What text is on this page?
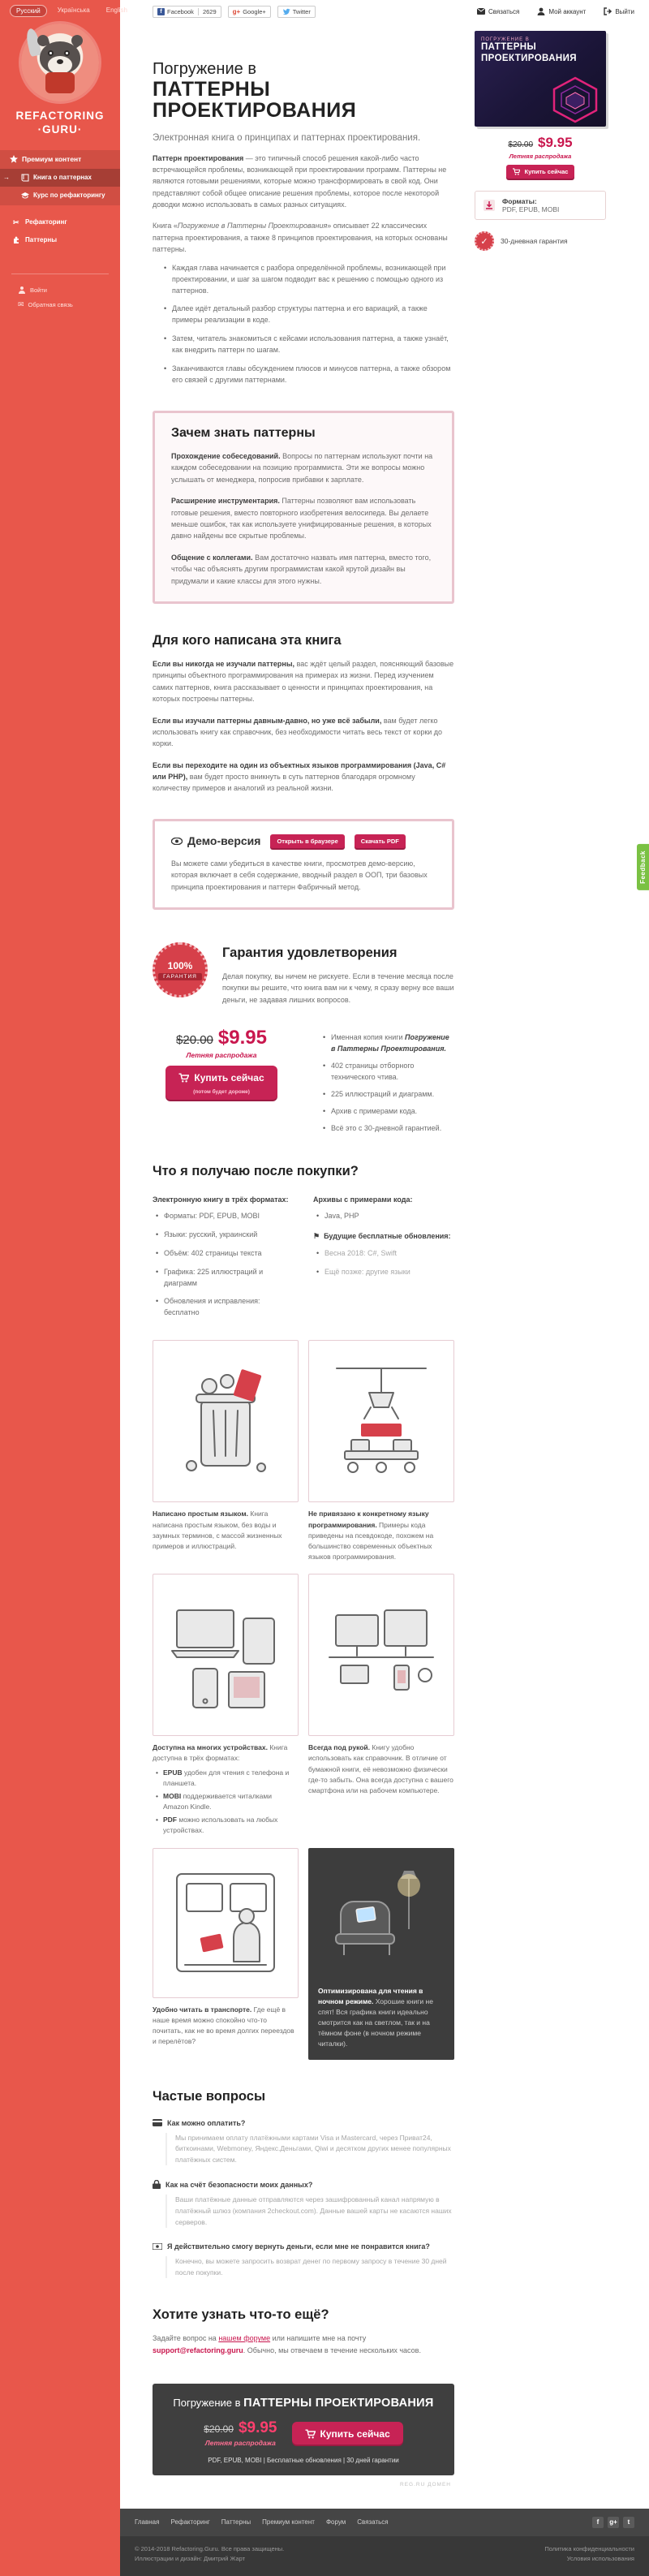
Русский	Українська	English
REFACTORING
·GURU·
Премиум контент
→	Книга о паттернах
Курс по рефакторингу
✂ Рефакторинг
Паттерны
Войти
✉ Обратная связь
f Facebook	2629	g+ Google+	Twitter	Связаться	Мой аккаунт	Выйти
ПОГРУЖЕНИЕ В
ПАТТЕРНЫ
ПРОЕКТИРОВАНИЯ
$20.00 $9.95
Летняя распродажа
Купить сейчас
Форматы:
PDF, EPUB, MOBI
✓	30-дневная гарантия
Погружение в
ПАТТЕРНЫ
ПРОЕКТИРОВАНИЯ
Электронная книга о принципах и паттернах проектирования.

Паттерн проектирования — это типичный способ решения какой-либо часто встречающейся проблемы, возникающей при проектировании программ. Паттерны не являются готовыми решениями, которые можно трансформировать в свой код. Они представляют собой общее описание решения проблемы, которое после некоторой доводки можно использовать в самых разных ситуациях.

Книга «Погружение в Паттерны Проектирования» описывает 22 классических паттерна проектирования, а также 8 принципов проектирования, на которых основаны паттерны.

• Каждая глава начинается с разбора определённой проблемы, возникающей при проектировании, и шаг за шагом подводит вас к решению с помощью одного из паттернов.
• Далее идёт детальный разбор структуры паттерна и его вариаций, а также примеры реализации в коде.
• Затем, читатель знакомиться с кейсами использования паттерна, а также узнаёт, как внедрить паттерн по шагам.
• Заканчиваются главы обсуждением плюсов и минусов паттерна, а также обзором его связей с другими паттернами.
Зачем знать паттерны

Прохождение собеседований. Вопросы по паттернам используют почти на каждом собеседовании на позицию программиста. Эти же вопросы можно услышать от менеджера, попросив прибавки к зарплате.

Расширение инструментария. Паттерны позволяют вам использовать готовые решения, вместо повторного изобретения велосипеда. Вы делаете меньше ошибок, так как используете унифицированные решения, в которых давно найдены все скрытые проблемы.

Общение с коллегами. Вам достаточно назвать имя паттерна, вместо того, чтобы час объяснять другим программистам какой крутой дизайн вы придумали и какие классы для этого нужны.

Для кого написана эта книга

Если вы никогда не изучали паттерны, вас ждёт целый раздел, поясняющий базовые принципы объектного программирования на примерах из жизни. Перед изучением самих паттернов, книга рассказывает о ценности и принципах проектирования, на которых построены паттерны.

Если вы изучали паттерны давным-давно, но уже всё забыли, вам будет легко использовать книгу как справочник, без необходимости читать весь текст от корки до корки.

Если вы переходите на один из объектных языков программирования (Java, C# или PHP), вам будет просто вникнуть в суть паттернов благодаря огромному количеству примеров и аналогий из реальной жизни.

Демо-версия	Открыть в браузере	Скачать PDF

Вы можете сами убедиться в качестве книги, просмотрев демо-версию, которая включает в себя содержание, вводный раздел в ООП, три базовых принципа проектирования и паттерн Фабричный метод.

100%
ГАРАНТИЯ
Гарантия удовлетворения

Делая покупку, вы ничем не рискуете. Если в течение месяца после покупки вы решите, что книга вам ни к чему, я сразу верну все ваши деньги, не задавая лишних вопросов.

$20.00 $9.95
Летняя распродажа
Купить сейчас
(потом будет дороже)
• Именная копия книги Погружение в Паттерны Проектирования.
• 402 страницы отборного технического чтива.
• 225 иллюстраций и диаграмм.
• Архив с примерами кода.
• Всё это с 30-дневной гарантией.
Что я получаю после покупки?
Электронную книгу в трёх форматах:
• Форматы: PDF, EPUB, MOBI
• Языки: русский, украинский
• Объём: 402 страницы текста
• Графика: 225 иллюстраций и диаграмм
• Обновления и исправления: бесплатно
Архивы с примерами кода:
• Java, PHP
⚑ Будущие бесплатные обновления:
• Весна 2018: C#, Swift
• Ещё позже: другие языки
Написано простым языком. Книга написана простым языком, без воды и заумных терминов, с массой жизненных примеров и иллюстраций.
Не привязано к конкретному языку программирования. Примеры кода приведены на псевдокоде, похожем на большинство современных объектных языков программирования.
Доступна на многих устройствах. Книга доступна в трёх форматах:
• EPUB удобен для чтения с телефона и планшета.
• MOBI поддерживается читалками Amazon Kindle.
• PDF можно использовать на любых устройствах.
Всегда под рукой. Книгу удобно использовать как справочник. В отличие от бумажной книги, её невозможно физически где-то забыть. Она всегда доступна с вашего смартфона или на рабочем компьютере.
Удобно читать в транспорте. Где ещё в наше время можно спокойно что-то почитать, как не во время долгих переездов и перелётов?
Оптимизирована для чтения в ночном режиме. Хорошие книги не спят! Вся графика книги идеально смотрится как на светлом, так и на тёмном фоне (в ночном режиме читалки).
Частые вопросы
Как можно оплатить?
Мы принимаем оплату платёжными картами Visa и Mastercard, через Приват24, биткоинами, Webmoney, Яндекс.Деньгами, Qiwi и десятком других менее популярных платёжных систем.
Как на счёт безопасности моих данных?
Ваши платёжные данные отправляются через зашифрованный канал напрямую в платёжный шлюз (компания 2checkout.com). Данные вашей карты не касаются наших серверов.
Я действительно смогу вернуть деньги, если мне не понравится книга?
Конечно, вы можете запросить возврат денег по первому запросу в течение 30 дней после покупки.
Хотите узнать что-то ещё?

Задайте вопрос на нашем форуме или напишите мне на почту support@refactoring.guru. Обычно, мы отвечаем в течение нескольких часов.

Погружение в ПАТТЕРНЫ ПРОЕКТИРОВАНИЯ
$20.00 $9.95
Летняя распродажа
Купить сейчас
PDF, EPUB, MOBI | Бесплатные обновления | 30 дней гарантии
REG.RU ДОМЕН
Feedback
Главная Рефакторинг Паттерны Премиум контент Форум Связаться	f	g+	t
© 2014-2018 Refactoring.Guru. Все права защищены.
Иллюстрации и дизайн: Дмитрий Жарт
Политика конфиденциальности
Условия использования
